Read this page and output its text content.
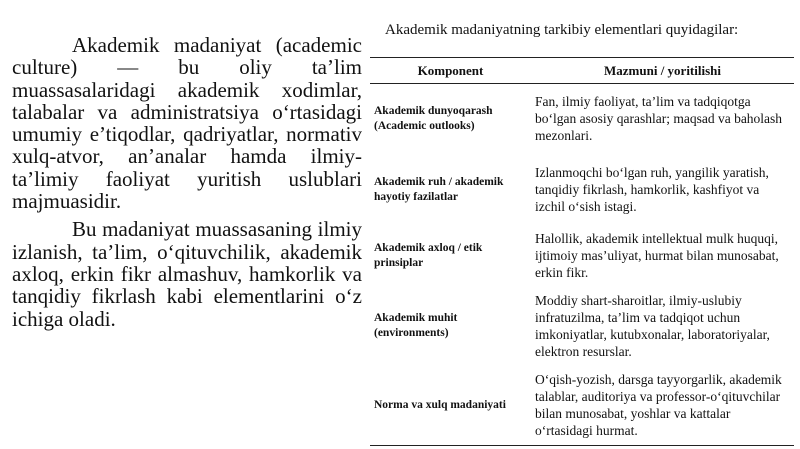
Akademik madaniyat (academic culture) — bu oliy ta’lim muassasalaridagi akademik xodimlar, talabalar va administratsiya o‘rtasidagi umumiy e’tiqodlar, qadriyatlar, normativ xulq-atvor, an’analar hamda ilmiy-ta’limiy faoliyat yuritish uslublari majmuasidir.

Bu madaniyat muassasaning ilmiy izlanish, ta’lim, o‘qituvchilik, akademik axloq, erkin fikr almashuv, hamkorlik va tanqidiy fikrlash kabi elementlarini o‘z ichiga oladi.

Akademik madaniyatning tarkibiy elementlari quyidagilar:
Komponent	Mazmuni / yoritilishi
Akademik dunyoqarash (Academic outlooks)	Fan, ilmiy faoliyat, ta’lim va tadqiqotga bo‘lgan asosiy qarashlar; maqsad va baholash mezonlari.
Akademik ruh / akademik hayotiy fazilatlar	Izlanmoqchi bo‘lgan ruh, yangilik yaratish, tanqidiy fikrlash, hamkorlik, kashfiyot va izchil o‘sish istagi.
Akademik axloq / etik prinsiplar	Halollik, akademik intellektual mulk huquqi, ijtimoiy mas’uliyat, hurmat bilan munosabat, erkin fikr.
Akademik muhit (environments)	Moddiy shart-sharoitlar, ilmiy-uslubiy infratuzilma, ta’lim va tadqiqot uchun imkoniyatlar, kutubxonalar, laboratoriyalar, elektron resurslar.
Norma va xulq madaniyati	O‘qish-yozish, darsga tayyorgarlik, akademik talablar, auditoriya va professor-o‘qituvchilar bilan munosabat, yoshlar va kattalar o‘rtasidagi hurmat.
